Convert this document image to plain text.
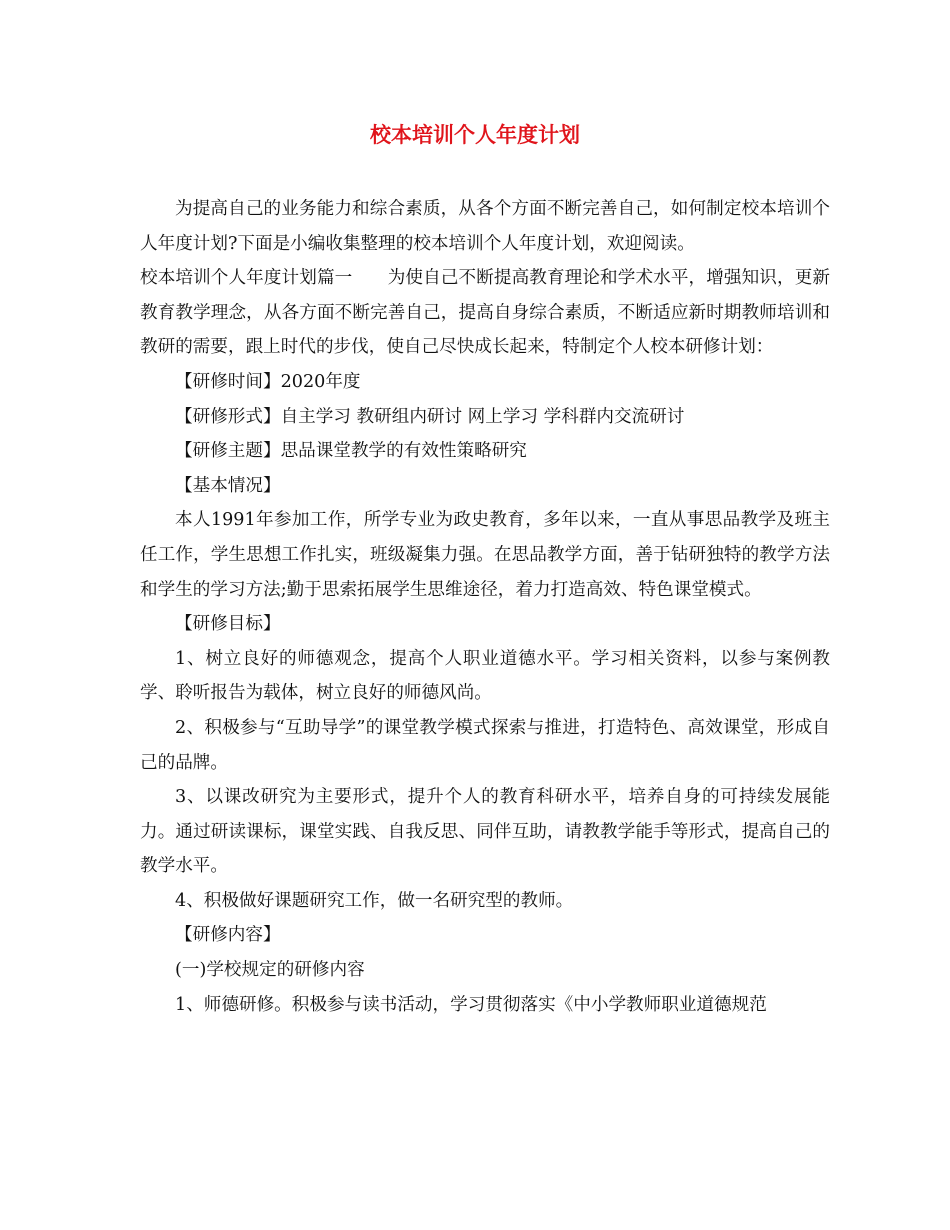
校本培训个人年度计划

为提高自己的业务能力和综合素质，从各个方面不断完善自己，如何制定校本培训个人年度计划?下面是小编收集整理的校本培训个人年度计划，欢迎阅读。

校本培训个人年度计划篇一　　为使自己不断提高教育理论和学术水平，增强知识，更新教育教学理念，从各方面不断完善自己，提高自身综合素质，不断适应新时期教师培训和教研的需要，跟上时代的步伐，使自己尽快成长起来，特制定个人校本研修计划：

【研修时间】2020年度

【研修形式】自主学习 教研组内研讨 网上学习 学科群内交流研讨

【研修主题】思品课堂教学的有效性策略研究

【基本情况】

本人1991年参加工作，所学专业为政史教育，多年以来，一直从事思品教学及班主任工作，学生思想工作扎实，班级凝集力强。在思品教学方面，善于钻研独特的教学方法和学生的学习方法;勤于思索拓展学生思维途径，着力打造高效、特色课堂模式。

【研修目标】

1、树立良好的师德观念，提高个人职业道德水平。学习相关资料，以参与案例教学、聆听报告为载体，树立良好的师德风尚。

2、积极参与“互助导学”的课堂教学模式探索与推进，打造特色、高效课堂，形成自己的品牌。

3、以课改研究为主要形式，提升个人的教育科研水平，培养自身的可持续发展能力。通过研读课标，课堂实践、自我反思、同伴互助，请教教学能手等形式，提高自己的教学水平。

4、积极做好课题研究工作，做一名研究型的教师。

【研修内容】

(一)学校规定的研修内容

1、师德研修。积极参与读书活动，学习贯彻落实《中小学教师职业道德规范
